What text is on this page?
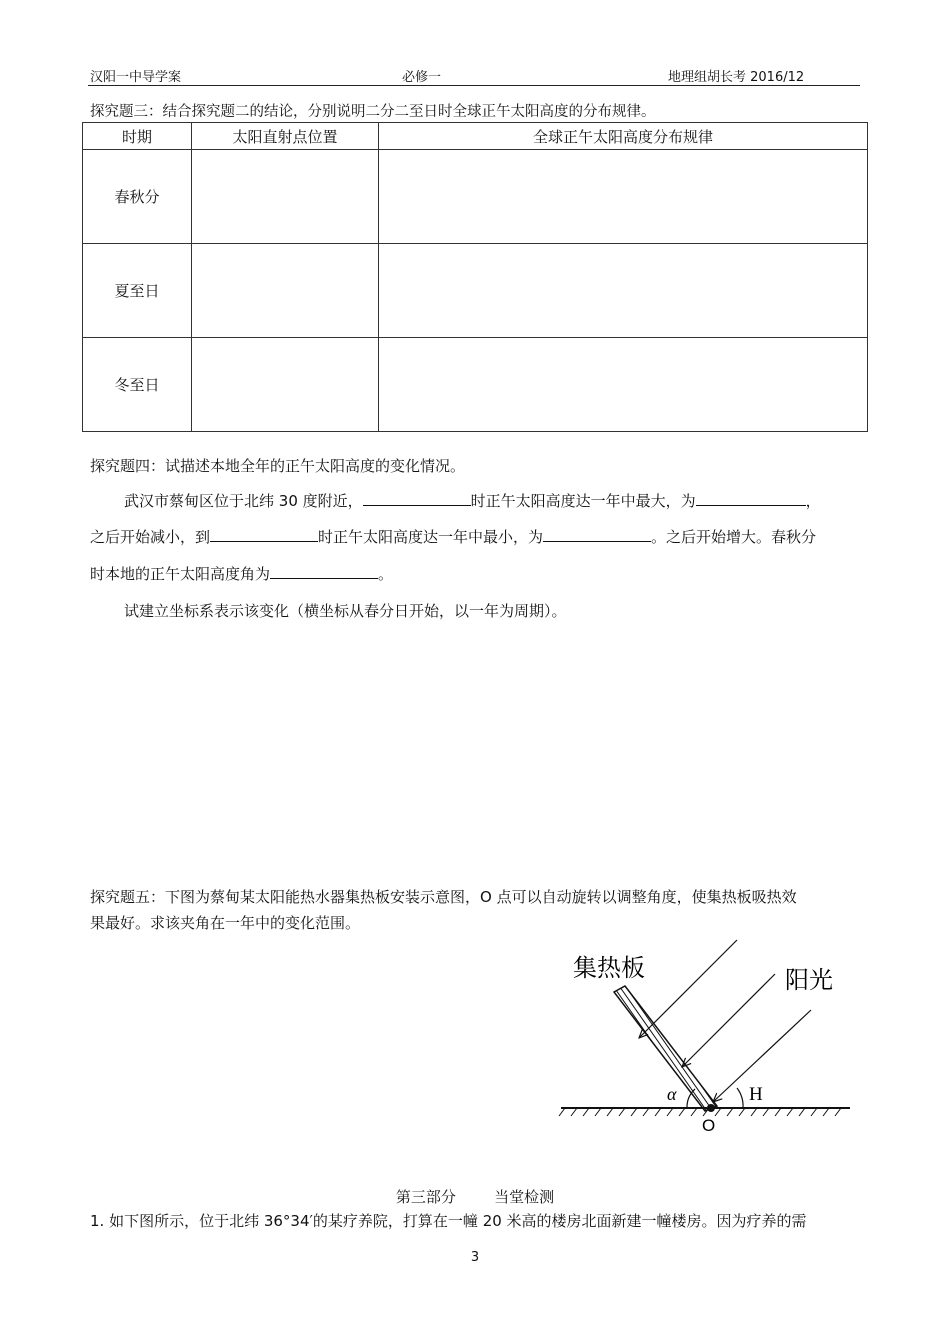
汉阳一中导学案	必修一	地理组胡长考 2016/12
探究题三：结合探究题二的结论，分别说明二分二至日时全球正午太阳高度的分布规律。
时期	太阳直射点位置	全球正午太阳高度分布规律
春秋分		
夏至日		
冬至日		
探究题四：试描述本地全年的正午太阳高度的变化情况。
武汉市蔡甸区位于北纬 30 度附近，	时正午太阳高度达一年中最大，为	，
之后开始减小，到	时正午太阳高度达一年中最小，为	。之后开始增大。春秋分
时本地的正午太阳高度角为	。
试建立坐标系表示该变化（横坐标从春分日开始，以一年为周期）。
探究题五：下图为蔡甸某太阳能热水器集热板安装示意图，O 点可以自动旋转以调整角度，使集热板吸热效
果最好。求该夹角在一年中的变化范围。
集热板	阳光
α	H
O
第三部分        当堂检测
1. 如下图所示，位于北纬 36°34′的某疗养院，打算在一幢 20 米高的楼房北面新建一幢楼房。因为疗养的需
3
